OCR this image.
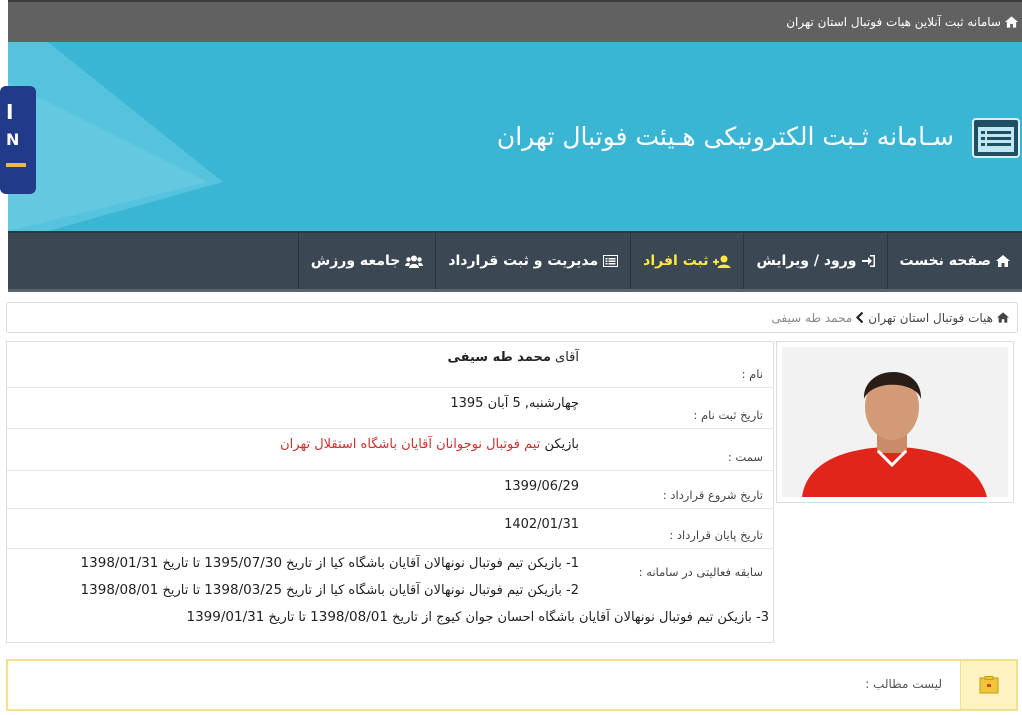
سامانه ثبت آنلاین هیات فوتبال استان تهران
I
N	سـامانه ثـبت الکترونیکی هـیئت فوتبال تهران
صفحه نخست
ورود / ویرایش
ثبت افراد
مدیریت و ثبت قرارداد
جامعه ورزش
هیات فوتبال استان تهران
محمد طه سیفی
نام :
آقای

محمد طه سیفی
تاریخ ثبت نام :
چهارشنبه, 5 آبان 1395
سمت :
بازیکن

تیم فوتبال نوجوانان آقایان باشگاه استقلال تهران
تاریخ شروع قرارداد :
1399/06/29
تاریخ پایان قرارداد :
1402/01/31
سابقه فعالیتی در سامانه :
1- بازیکن تیم فوتبال نونهالان آقایان باشگاه کیا از تاریخ 1395/07/30 تا تاریخ 1398/01/31
2- بازیکن تیم فوتبال نونهالان آقایان باشگاه کیا از تاریخ 1398/03/25 تا تاریخ 1398/08/01
3- بازیکن تیم فوتبال نونهالان آقایان باشگاه احسان جوان کیوج از تاریخ 1398/08/01 تا تاریخ 1399/01/31
لیست مطالب :
